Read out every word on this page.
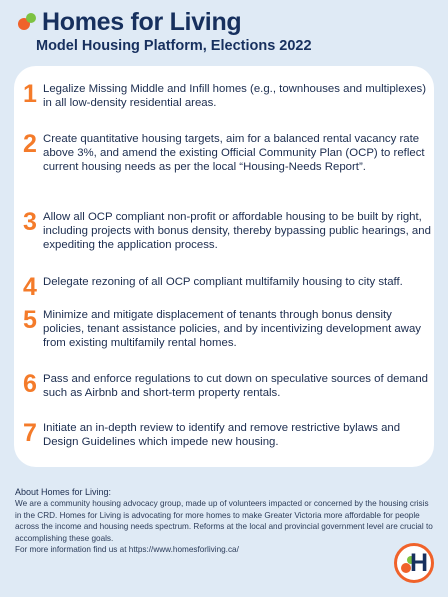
Homes for Living
Model Housing Platform, Elections 2022
1 Legalize Missing Middle and Infill homes (e.g., townhouses and multiplexes) in all low-density residential areas.
2 Create quantitative housing targets, aim for a balanced rental vacancy rate above 3%, and amend the existing Official Community Plan (OCP) to reflect current housing needs as per the local “Housing-Needs Report”.
3 Allow all OCP compliant non-profit or affordable housing to be built by right, including projects with bonus density, thereby bypassing public hearings, and expediting the application process.
4 Delegate rezoning of all OCP compliant multifamily housing to city staff.
5 Minimize and mitigate displacement of tenants through bonus density policies, tenant assistance policies, and by incentivizing development away from existing multifamily rental homes.
6 Pass and enforce regulations to cut down on speculative sources of demand such as Airbnb and short-term property rentals.
7 Initiate an in-depth review to identify and remove restrictive bylaws and Design Guidelines which impede new housing.
About Homes for Living:
We are a community housing advocacy group, made up of volunteers impacted or concerned by the housing crisis in the CRD. Homes for Living is advocating for more homes to make Greater Victoria more affordable for people across the income and housing needs spectrum. Reforms at the local and provincial government level are crucial to accomplishing these goals.
For more information find us at https://www.homesforliving.ca/	H
